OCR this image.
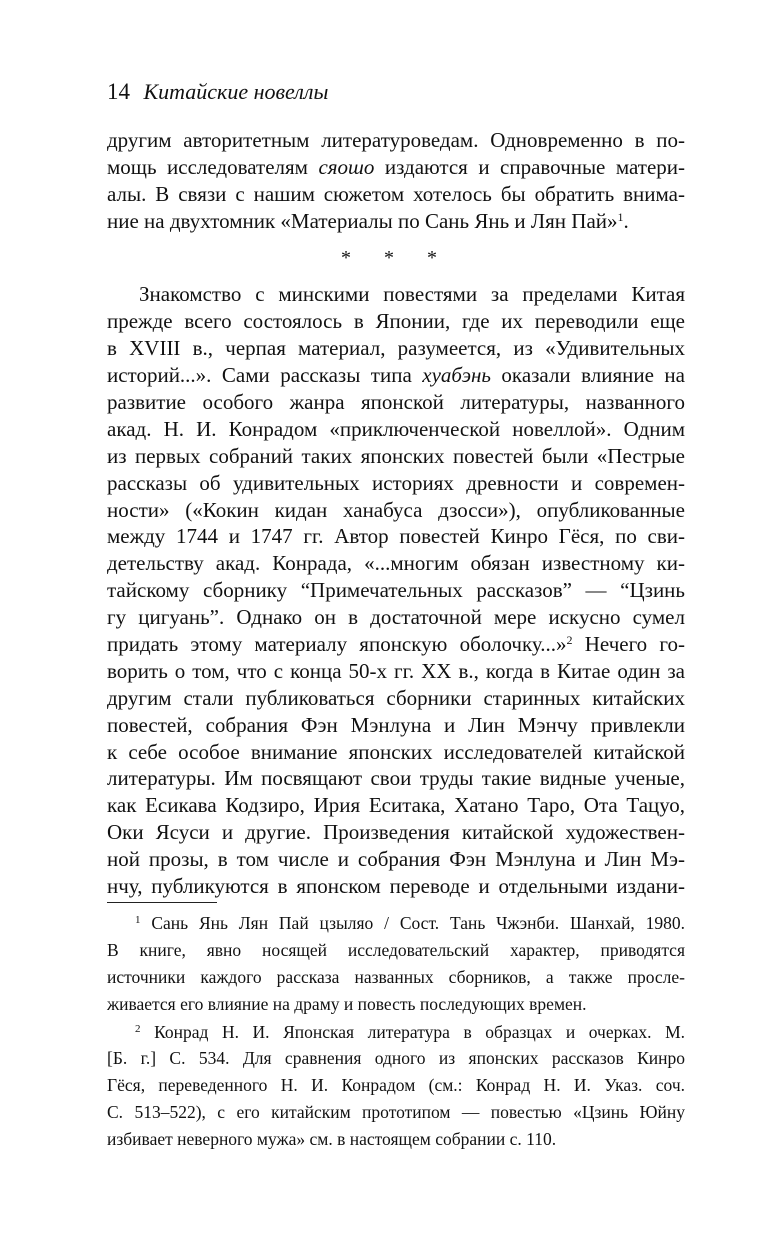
14 Китайские новеллы
другим авторитетным литературоведам. Одновременно в по-
мощь исследователям сяошо издаются и справочные матери-
алы. В связи с нашим сюжетом хотелось бы обратить внима-
ние на двухтомник «Материалы по Сань Янь и Лян Пай»$^1$.
* * *
Знакомство с минскими повестями за пределами Китая
прежде всего состоялось в Японии, где их переводили еще
в XVIII в., черпая материал, разумеется, из «Удивительных
историй...». Сами рассказы типа хуабэнь оказали влияние на
развитие особого жанра японской литературы, названного
акад. Н. И. Конрадом «приключенческой новеллой». Одним
из первых собраний таких японских повестей были «Пестрые
рассказы об удивительных историях древности и современ-
ности» («Кокин кидан ханабуса дзосси»), опубликованные
между 1744 и 1747 гг. Автор повестей Кинро Гёся, по сви-
детельству акад. Конрада, «...многим обязан известному ки-
тайскому сборнику “Примечательных рассказов” — “Цзинь
гу цигуань”. Однако он в достаточной мере искусно сумел
придать этому материалу японскую оболочку...»$^2$ Нечего го-
ворить о том, что с конца 50-х гг. XX в., когда в Китае один за
другим стали публиковаться сборники старинных китайских
повестей, собрания Фэн Мэнлуна и Лин Мэнчу привлекли
к себе особое внимание японских исследователей китайской
литературы. Им посвящают свои труды такие видные ученые,
как Есикава Кодзиро, Ирия Еситака, Хатано Таро, Ота Тацуо,
Оки Ясуси и другие. Произведения китайской художествен-
ной прозы, в том числе и собрания Фэн Мэнлуна и Лин Мэ-
нчу, публикуются в японском переводе и отдельными издани-
$^1$ Сань Янь Лян Пай цзыляо / Сост. Тань Чжэнби. Шанхай, 1980.
В книге, явно носящей исследовательский характер, приводятся
источники каждого рассказа названных сборников, а также просле-
живается его влияние на драму и повесть последующих времен.
$^2$ Конрад Н. И. Японская литература в образцах и очерках. М.
[Б. г.] С. 534. Для сравнения одного из японских рассказов Кинро
Гёся, переведенного Н. И. Конрадом (см.: Конрад Н. И. Указ. соч.
С. 513–522), с его китайским прототипом — повестью «Цзинь Юйну
избивает неверного мужа» см. в настоящем собрании с. 110.
